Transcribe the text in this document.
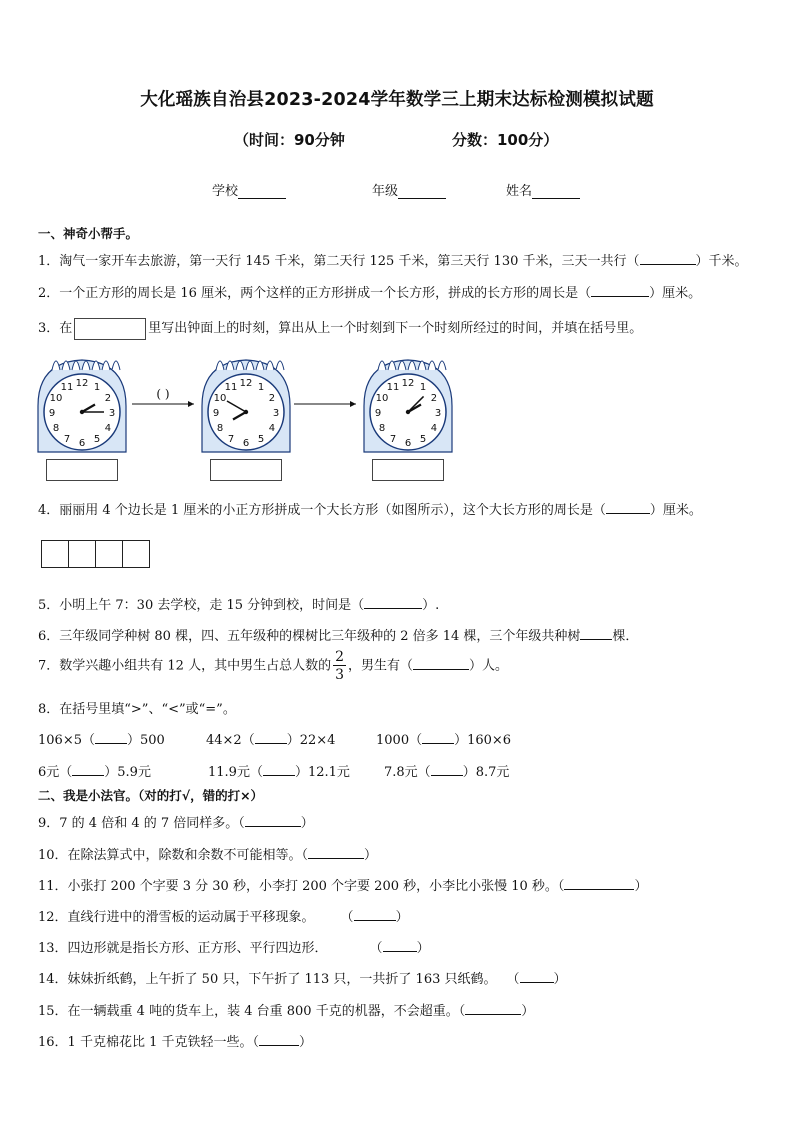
大化瑶族自治县2023-2024学年数学三上期末达标检测模拟试题
（时间：90分钟	分数：100分）
学校	年级	姓名
一、神奇小帮手。
1．淘气一家开车去旅游，第一天行 145 千米，第二天行 125 千米，第三天行 130 千米，三天一共行（	）千米。
2．一个正方形的周长是 16 厘米，两个这样的正方形拼成一个长方形，拼成的长方形的周长是（	）厘米。
3．在	里写出钟面上的时刻，算出从上一个时刻到下一个时刻所经过的时间，并填在括号里。
12 1
2
3
4
5
6
7
8
9
10
11	12 1
2
3
4
5
6
7
8
9
10
11	12 1
2
3
4
5
6
7
8
9
10
11
( )
4．丽丽用 4 个边长是 1 厘米的小正方形拼成一个大长方形（如图所示），这个大长方形的周长是（	）厘米。
5．小明上午 7：30 去学校，走 15 分钟到校，时间是（	）.
6．三年级同学种树 80 棵，四、五年级种的棵树比三年级种的 2 倍多 14 棵，三个年级共种树 棵．
7．数学兴趣小组共有 12 人，其中男生占总人数的 $\frac{2}{3}$ ，男生有（	）人。
8．在括号里填“>”、“<”或“=”。
106×5（ ）500	44×2（ ）22×4	1000（ ）160×6
6元（ ）5.9元	11.9元（ ）12.1元	7.8元（ ）8.7元
二、我是小法官。（对的打√，错的打×）
9．7 的 4 倍和 4 的 7 倍同样多。（	）
10．在除法算式中，除数和余数不可能相等。（	）
11．小张打 200 个字要 3 分 30 秒，小李打 200 个字要 200 秒，小李比小张慢 10 秒。（	）
12．直线行进中的滑雪板的运动属于平移现象。 （	）
13．四边形就是指长方形、正方形、平行四边形．	（	）
14．妹妹折纸鹤，上午折了 50 只，下午折了 113 只，一共折了 163 只纸鹤。 （	）
15．在一辆载重 4 吨的货车上，装 4 台重 800 千克的机器，不会超重。（	）
16．1 千克棉花比 1 千克铁轻一些。（	）
